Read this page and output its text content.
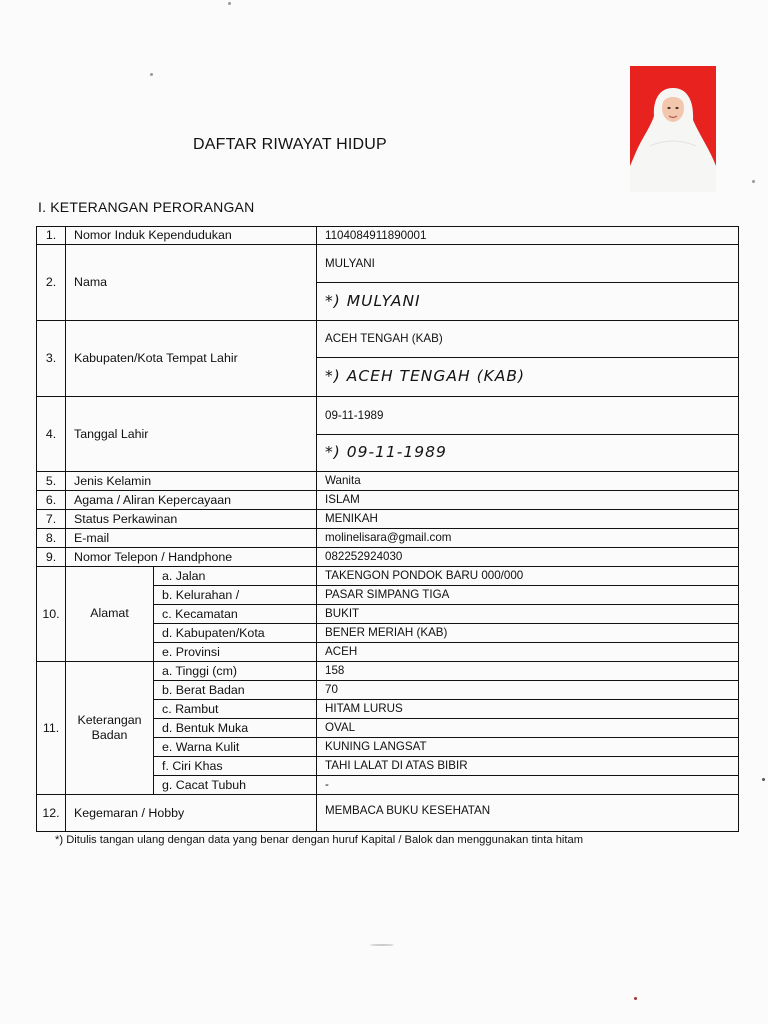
DAFTAR RIWAYAT HIDUP
I. KETERANGAN PERORANGAN
1.	Nomor Induk Kependudukan		1104084911890001
2.	Nama		MULYANI
			*) MULYANI
3.	Kabupaten/Kota Tempat Lahir		ACEH TENGAH (KAB)
			*) ACEH TENGAH (KAB)
4.	Tanggal Lahir		09-11-1989
			*) 09-11-1989
5.	Jenis Kelamin		Wanita
6.	Agama / Aliran Kepercayaan		ISLAM
7.	Status Perkawinan		MENIKAH
8.	E-mail		molinelisara@gmail.com
9.	Nomor Telepon / Handphone		082252924030
10.	Alamat	a. Jalan	TAKENGON PONDOK BARU 000/000
		b. Kelurahan /	PASAR SIMPANG TIGA
		c. Kecamatan	BUKIT
		d. Kabupaten/Kota	BENER MERIAH (KAB)
		e. Provinsi	ACEH
11.	Keterangan Badan	a. Tinggi (cm)	158
		b. Berat Badan	70
		c. Rambut	HITAM LURUS
		d. Bentuk Muka	OVAL
		e. Warna Kulit	KUNING LANGSAT
		f. Ciri Khas	TAHI LALAT DI ATAS BIBIR
		g. Cacat Tubuh	-
12.	Kegemaran / Hobby		MEMBACA BUKU KESEHATAN
*) Ditulis tangan ulang dengan data yang benar dengan huruf Kapital / Balok dan menggunakan tinta hitam
